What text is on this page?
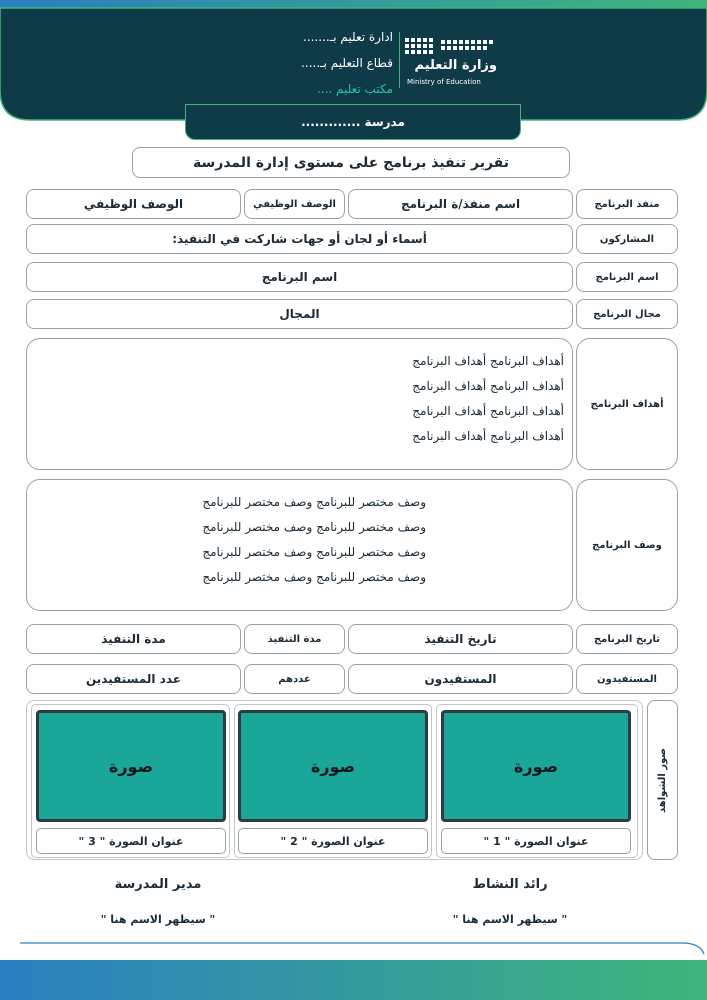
ادارة تعليم بـ.......
قطاع التعليم بـ.....
مكتب تعليم ....
وزارة التعليم
Ministry of Education
مدرسة .............
تقرير تنفيذ برنامج على مستوى إدارة المدرسة
منفذ البرنامج
اسم منفذ/ة البرنامج
الوصف الوظيفي
الوصف الوظيفي
المشاركون
أسماء أو لجان أو جهات شاركت في التنفيذ:
اسم البرنامج
اسم البرنامج
مجال البرنامج
المجال
أهداف البرنامج
أهداف البرنامج أهداف البرنامج
أهداف البرنامج أهداف البرنامج
أهداف البرنامج أهداف البرنامج
أهداف البرنامج أهداف البرنامج
وصف البرنامج
وصف مختصر للبرنامج وصف مختصر للبرنامج
وصف مختصر للبرنامج وصف مختصر للبرنامج
وصف مختصر للبرنامج وصف مختصر للبرنامج
وصف مختصر للبرنامج وصف مختصر للبرنامج
تاريخ البرنامج
تاريخ التنفيذ
مدة التنفيذ
مدة التنفيذ
المستفيدون
المستفيدون
عددهم
عدد المستفيدين
صور الشواهد
صورة
صورة
صورة
عنوان الصورة " 1 "
عنوان الصورة " 2 "
عنوان الصورة " 3 "
رائد النشاط
" سيظهر الاسم هنا "
مدير المدرسة
" سيظهر الاسم هنا "
